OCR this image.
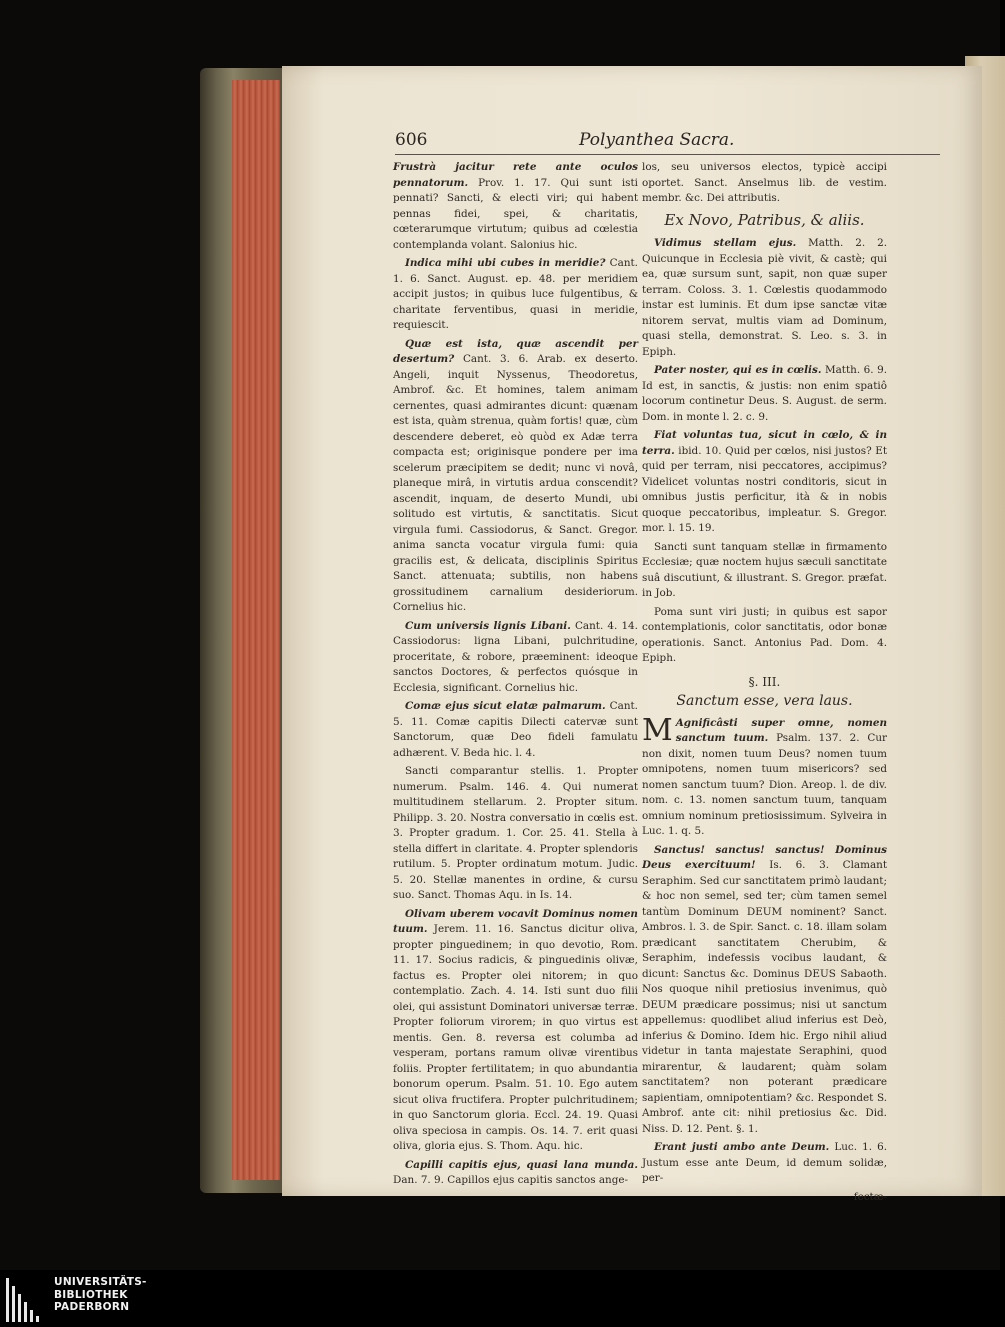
606	Polyanthea Sacra.

Frustrà jacitur rete ante oculos pennatorum. Prov. 1. 17. Qui sunt isti pennati? Sancti, & electi viri; qui habent pennas fidei, spei, & charitatis, cœterarumque virtutum; quibus ad cœlestia contemplanda volant. Salonius hic.

Indica mihi ubi cubes in meridie? Cant. 1. 6. Sanct. August. ep. 48. per meridiem accipit justos; in quibus luce fulgentibus, & charitate ferventibus, quasi in meridie, requiescit.

Quæ est ista, quæ ascendit per desertum? Cant. 3. 6. Arab. ex deserto. Angeli, inquit Nyssenus, Theodoretus, Ambrof. &c. Et homines, talem animam cernentes, quasi admirantes dicunt: quænam est ista, quàm strenua, quàm fortis! quæ, cùm descendere deberet, eò quòd ex Adæ terra compacta est; originisque pondere per ima scelerum præcipitem se dedit; nunc vi novâ, planeque mirâ, in virtutis ardua conscendit? ascendit, inquam, de deserto Mundi, ubi solitudo est virtutis, & sanctitatis. Sicut virgula fumi. Cassiodorus, & Sanct. Gregor. anima sancta vocatur virgula fumi: quia gracilis est, & delicata, disciplinis Spiritus Sanct. attenuata; subtilis, non habens grossitudinem carnalium desideriorum. Cornelius hic.

Cum universis lignis Libani. Cant. 4. 14. Cassiodorus: ligna Libani, pulchritudine, proceritate, & robore, præeminent: ideoque sanctos Doctores, & perfectos quósque in Ecclesia, significant. Cornelius hic.

Comæ ejus sicut elatæ palmarum. Cant. 5. 11. Comæ capitis Dilecti catervæ sunt Sanctorum, quæ Deo fideli famulatu adhærent. V. Beda hic. l. 4.

Sancti comparantur stellis. 1. Propter numerum. Psalm. 146. 4. Qui numerat multitudinem stellarum. 2. Propter situm. Philipp. 3. 20. Nostra conversatio in cœlis est. 3. Propter gradum. 1. Cor. 25. 41. Stella à stella differt in claritate. 4. Propter splendoris rutilum. 5. Propter ordinatum motum. Judic. 5. 20. Stellæ manentes in ordine, & cursu suo. Sanct. Thomas Aqu. in Is. 14.

Olivam uberem vocavit Dominus nomen tuum. Jerem. 11. 16. Sanctus dicitur oliva, propter pinguedinem; in quo devotio, Rom. 11. 17. Socius radicis, & pinguedinis olivæ, factus es. Propter olei nitorem; in quo contemplatio. Zach. 4. 14. Isti sunt duo filii olei, qui assistunt Dominatori universæ terræ. Propter foliorum virorem; in quo virtus est mentis. Gen. 8. reversa est columba ad vesperam, portans ramum olivæ virentibus foliis. Propter fertilitatem; in quo abundantia bonorum operum. Psalm. 51. 10. Ego autem sicut oliva fructifera. Propter pulchritudinem; in quo Sanctorum gloria. Eccl. 24. 19. Quasi oliva speciosa in campis. Os. 14. 7. erit quasi oliva, gloria ejus. S. Thom. Aqu. hic.

Capilli capitis ejus, quasi lana munda. Dan. 7. 9. Capillos ejus capitis sanctos ange-

los, seu universos electos, typicè accipi oportet. Sanct. Anselmus lib. de vestim. membr. &c. Dei attributis.

Ex Novo, Patribus, & aliis.

Vidimus stellam ejus. Matth. 2. 2. Quicunque in Ecclesia piè vivit, & castè; qui ea, quæ sursum sunt, sapit, non quæ super terram. Coloss. 3. 1. Cœlestis quodammodo instar est luminis. Et dum ipse sanctæ vitæ nitorem servat, multis viam ad Dominum, quasi stella, demonstrat. S. Leo. s. 3. in Epiph.

Pater noster, qui es in cœlis. Matth. 6. 9. Id est, in sanctis, & justis: non enim spatiô locorum continetur Deus. S. August. de serm. Dom. in monte l. 2. c. 9.

Fiat voluntas tua, sicut in cœlo, & in terra. ibid. 10. Quid per cœlos, nisi justos? Et quid per terram, nisi peccatores, accipimus? Videlicet voluntas nostri conditoris, sicut in omnibus justis perficitur, ità & in nobis quoque peccatoribus, impleatur. S. Gregor. mor. l. 15. 19.

Sancti sunt tanquam stellæ in firmamento Ecclesiæ; quæ noctem hujus sæculi sanctitate suâ discutiunt, & illustrant. S. Gregor. præfat. in Job.

Poma sunt viri justi; in quibus est sapor contemplationis, color sanctitatis, odor bonæ operationis. Sanct. Antonius Pad. Dom. 4. Epiph.

§. III.
Sanctum esse, vera laus.

M Agnificâsti super omne, nomen sanctum tuum. Psalm. 137. 2. Cur non dixit, nomen tuum Deus? nomen tuum omnipotens, nomen tuum misericors? sed nomen sanctum tuum? Dion. Areop. l. de div. nom. c. 13. nomen sanctum tuum, tanquam omnium nominum pretiosissimum. Sylveira in Luc. 1. q. 5.

Sanctus! sanctus! sanctus! Dominus Deus exercituum! Is. 6. 3. Clamant Seraphim. Sed cur sanctitatem primò laudant; & hoc non semel, sed ter; cùm tamen semel tantùm Dominum DEUM nominent? Sanct. Ambros. l. 3. de Spir. Sanct. c. 18. illam solam prædicant sanctitatem Cherubim, & Seraphim, indefessis vocibus laudant, & dicunt: Sanctus &c. Dominus DEUS Sabaoth. Nos quoque nihil pretiosius invenimus, quò DEUM prædicare possimus; nisi ut sanctum appellemus: quodlibet aliud inferius est Deò, inferius & Domino. Idem hic. Ergo nihil aliud videtur in tanta majestate Seraphini, quod mirarentur, & laudarent; quàm solam sanctitatem? non poterant prædicare sapientiam, omnipotentiam? &c. Respondet S. Ambrof. ante cit: nihil pretiosius &c. Did. Niss. D. 12. Pent. §. 1.

Erant justi ambo ante Deum. Luc. 1. 6. Justum esse ante Deum, id demum solidæ, per-

fectæ-

UNIVERSITÄTS-
BIBLIOTHEK
PADERBORN
